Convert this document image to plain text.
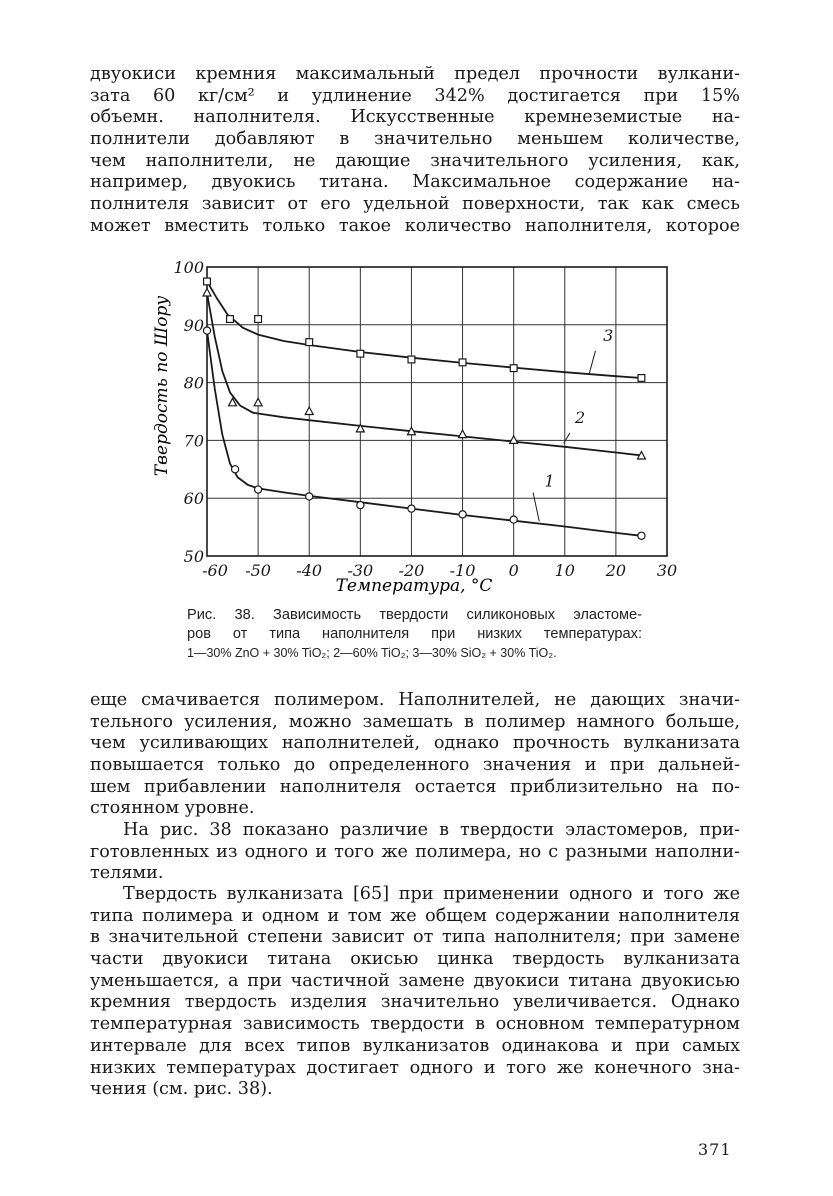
двуокиси кремния максимальный предел прочности вулкани-
зата 60 кг/см² и удлинение 342% достигается при 15%
объемн. наполнителя. Искусственные кремнеземистые на-
полнители добавляют в значительно меньшем количестве,
чем наполнители, не дающие значительного усиления, как,
например, двуокись титана. Максимальное содержание на-
полнителя зависит от его удельной поверхности, так как смесь
может вместить только такое количество наполнителя, которое
1
2
3
-60 -50 -40 -30 -20 -10 0 10 20 30
50
60
70
80
90
100
Твердость по Шору
Температура, °С
Рис. 38. Зависимость твердости силиконовых эластоме-
ров от типа наполнителя при низких температурах:
1—30% ZnO + 30% TiO₂; 2—60% TiO₂; 3—30% SiO₂ + 30% TiO₂.
еще смачивается полимером. Наполнителей, не дающих значи-
тельного усиления, можно замешать в полимер намного больше,
чем усиливающих наполнителей, однако прочность вулканизата
повышается только до определенного значения и при дальней-
шем прибавлении наполнителя остается приблизительно на по-
стоянном уровне.
На рис. 38 показано различие в твердости эластомеров, при-
готовленных из одного и того же полимера, но с разными наполни-
телями.
Твердость вулканизата [65] при применении одного и того же
типа полимера и одном и том же общем содержании наполнителя
в значительной степени зависит от типа наполнителя; при замене
части двуокиси титана окисью цинка твердость вулканизата
уменьшается, а при частичной замене двуокиси титана двуокисью
кремния твердость изделия значительно увеличивается. Однако
температурная зависимость твердости в основном температурном
интервале для всех типов вулканизатов одинакова и при самых
низких температурах достигает одного и того же конечного зна-
чения (см. рис. 38).
371
